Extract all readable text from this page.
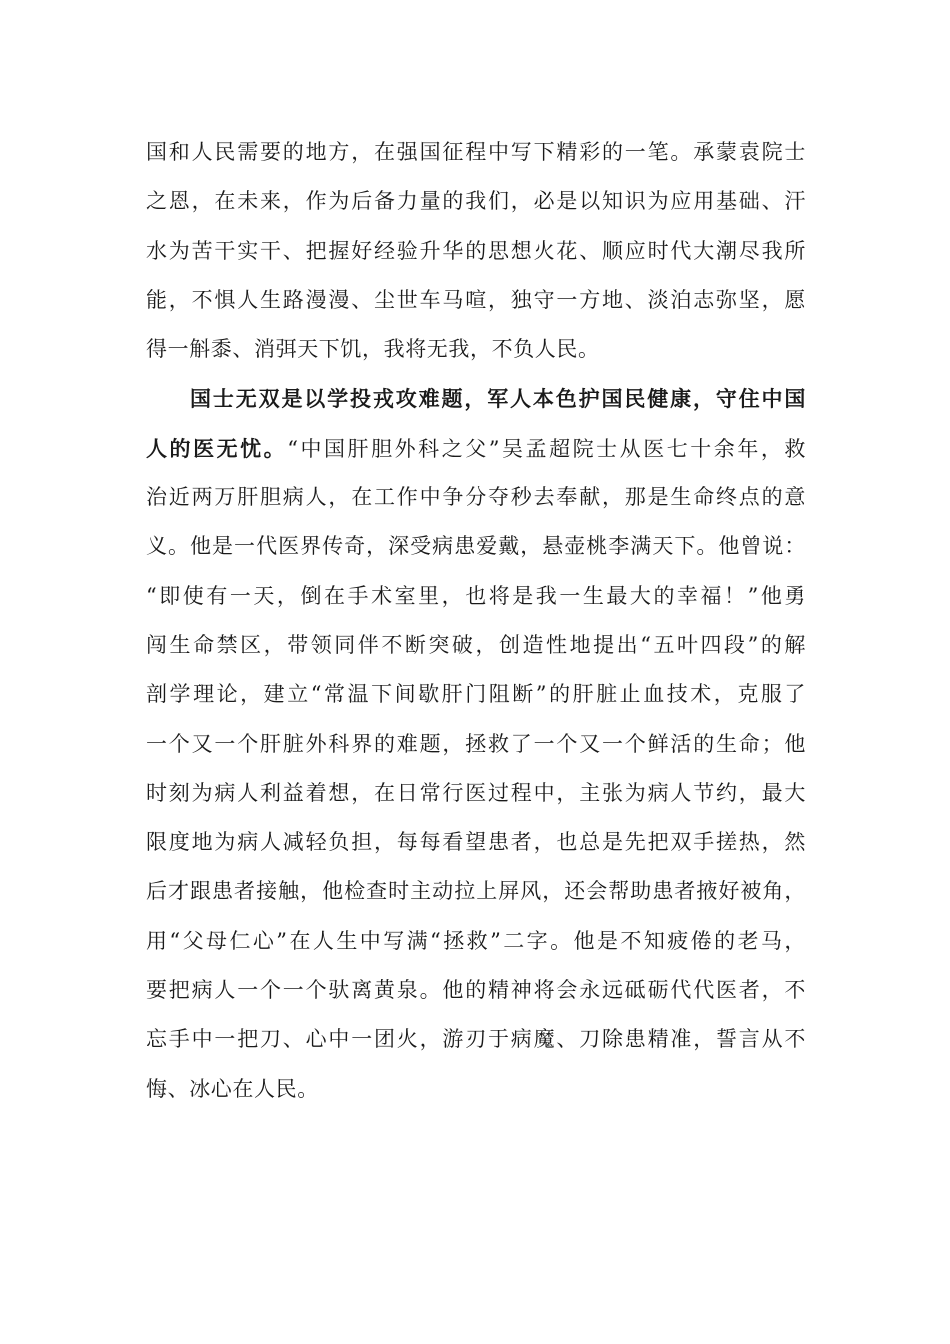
国和人民需要的地方，在强国征程中写下精彩的一笔。承蒙袁院士
之恩，在未来，作为后备力量的我们，必是以知识为应用基础、汗
水为苦干实干、把握好经验升华的思想火花、顺应时代大潮尽我所
能，不惧人生路漫漫、尘世车马喧，独守一方地、淡泊志弥坚，愿
得一斛黍、消弭天下饥，我将无我，不负人民。
国士无双是以学投戎攻难题，军人本色护国民健康，守住中国
人的医无忧。“中国肝胆外科之父”吴孟超院士从医七十余年，救
治近两万肝胆病人，在工作中争分夺秒去奉献，那是生命终点的意
义。他是一代医界传奇，深受病患爱戴，悬壶桃李满天下。他曾说：
“即使有一天，倒在手术室里，也将是我一生最大的幸福！”他勇
闯生命禁区，带领同伴不断突破，创造性地提出“五叶四段”的解
剖学理论，建立“常温下间歇肝门阻断”的肝脏止血技术，克服了
一个又一个肝脏外科界的难题，拯救了一个又一个鲜活的生命；他
时刻为病人利益着想，在日常行医过程中，主张为病人节约，最大
限度地为病人减轻负担，每每看望患者，也总是先把双手搓热，然
后才跟患者接触，他检查时主动拉上屏风，还会帮助患者掖好被角，
用“父母仁心”在人生中写满“拯救”二字。他是不知疲倦的老马，
要把病人一个一个驮离黄泉。他的精神将会永远砥砺代代医者，不
忘手中一把刀、心中一团火，游刃于病魔、刀除患精准，誓言从不
悔、冰心在人民。
